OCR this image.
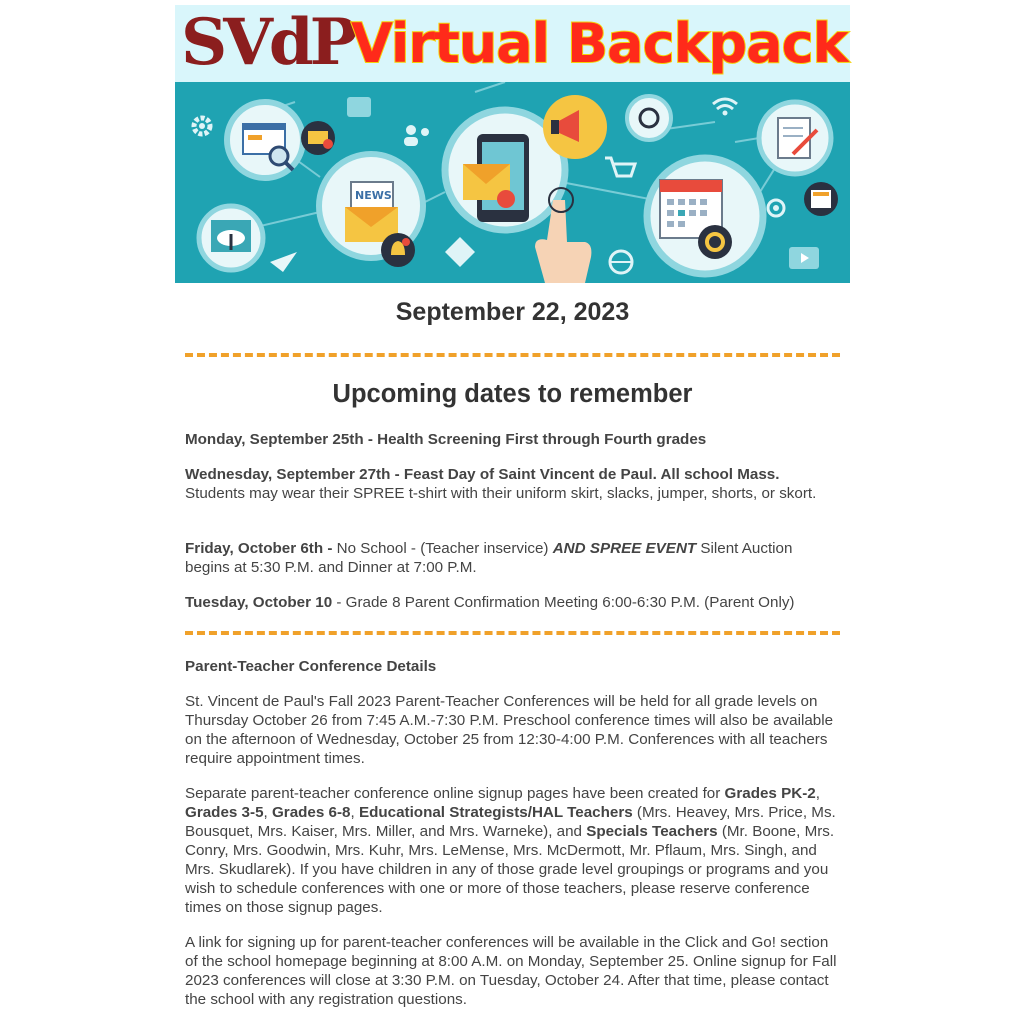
SVdP
Virtual Backpack
NEWS
September 22, 2023
Upcoming dates to remember

Monday, September 25th - Health Screening First through Fourth grades

Wednesday, September 27th - Feast Day of Saint Vincent de Paul. All school Mass. Students may wear their SPREE t-shirt with their uniform skirt, slacks, jumper, shorts, or skort.

Friday, October 6th - No School - (Teacher inservice) AND SPREE EVENT Silent Auction begins at 5:30 P.M. and Dinner at 7:00 P.M.

Tuesday, October 10 - Grade 8 Parent Confirmation Meeting 6:00-6:30 P.M. (Parent Only)

Parent-Teacher Conference Details

St. Vincent de Paul's Fall 2023 Parent-Teacher Conferences will be held for all grade levels on Thursday October 26 from 7:45 A.M.-7:30 P.M. Preschool conference times will also be available on the afternoon of Wednesday, October 25 from 12:30-4:00 P.M. Conferences with all teachers require appointment times.

Separate parent-teacher conference online signup pages have been created for Grades PK-2, Grades 3-5, Grades 6-8, Educational Strategists/HAL Teachers (Mrs. Heavey, Mrs. Price, Ms. Bousquet, Mrs. Kaiser, Mrs. Miller, and Mrs. Warneke), and Specials Teachers (Mr. Boone, Mrs. Conry, Mrs. Goodwin, Mrs. Kuhr, Mrs. LeMense, Mrs. McDermott, Mr. Pflaum, Mrs. Singh, and Mrs. Skudlarek). If you have children in any of those grade level groupings or programs and you wish to schedule conferences with one or more of those teachers, please reserve conference times on those signup pages.

A link for signing up for parent-teacher conferences will be available in the Click and Go! section of the school homepage beginning at 8:00 A.M. on Monday, September 25. Online signup for Fall 2023 conferences will close at 3:30 P.M. on Tuesday, October 24. After that time, please contact the school with any registration questions.
